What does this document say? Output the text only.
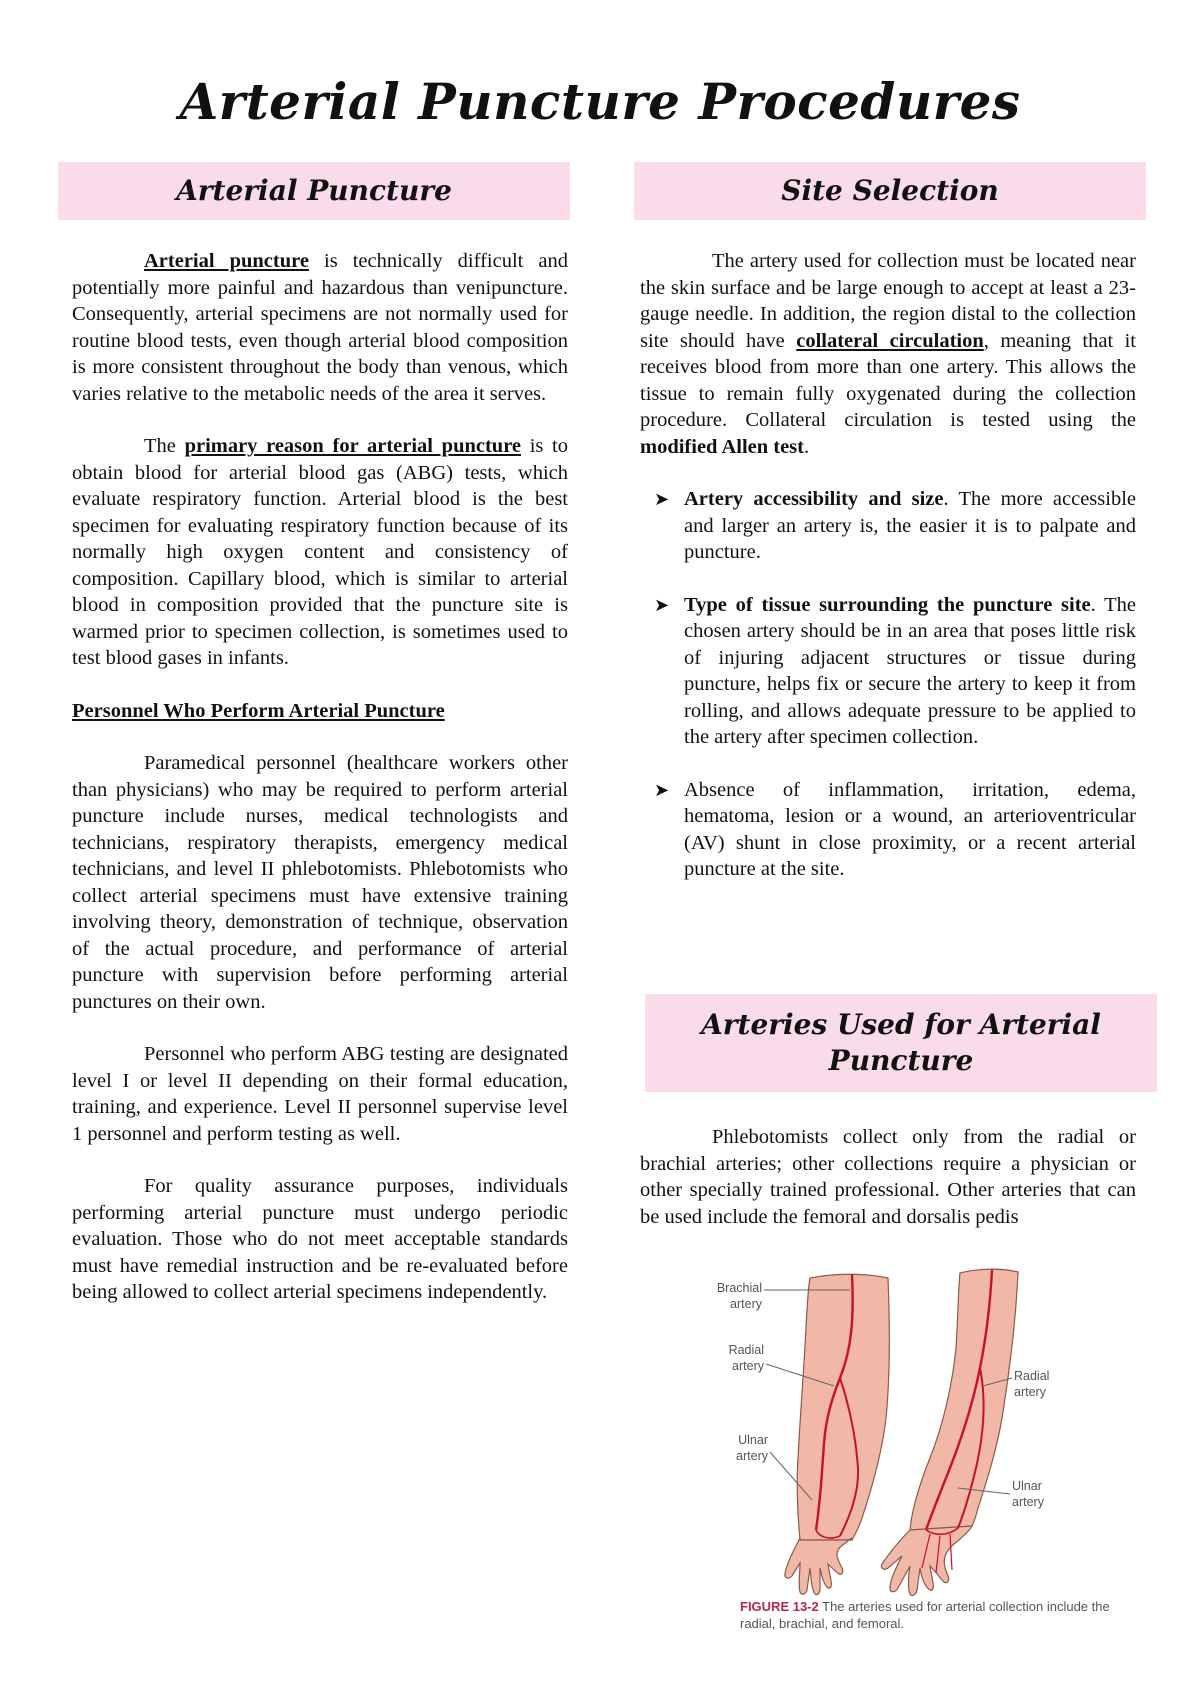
Arterial Puncture Procedures
Arterial Puncture

Arterial puncture is technically difficult and potentially more painful and hazardous than venipuncture. Consequently, arterial specimens are not normally used for routine blood tests, even though arterial blood composition is more consistent throughout the body than venous, which varies relative to the metabolic needs of the area it serves.

The primary reason for arterial puncture is to obtain blood for arterial blood gas (ABG) tests, which evaluate respiratory function. Arterial blood is the best specimen for evaluating respiratory function because of its normally high oxygen content and consistency of composition. Capillary blood, which is similar to arterial blood in composition provided that the puncture site is warmed prior to specimen collection, is sometimes used to test blood gases in infants.

Personnel Who Perform Arterial Puncture

Paramedical personnel (healthcare workers other than physicians) who may be required to perform arterial puncture include nurses, medical technologists and technicians, respiratory therapists, emergency medical technicians, and level II phlebotomists. Phlebotomists who collect arterial specimens must have extensive training involving theory, demonstration of technique, observation of the actual procedure, and performance of arterial puncture with supervision before performing arterial punctures on their own.

Personnel who perform ABG testing are designated level I or level II depending on their formal education, training, and experience. Level II personnel supervise level 1 personnel and perform testing as well.

For quality assurance purposes, individuals performing arterial puncture must undergo periodic evaluation. Those who do not meet acceptable standards must have remedial instruction and be re-evaluated before being allowed to collect arterial specimens independently.

Site Selection

The artery used for collection must be located near the skin surface and be large enough to accept at least a 23-gauge needle. In addition, the region distal to the collection site should have collateral circulation, meaning that it receives blood from more than one artery. This allows the tissue to remain fully oxygenated during the collection procedure. Collateral circulation is tested using the modified Allen test.

➤ Artery accessibility and size. The more accessible and larger an artery is, the easier it is to palpate and puncture.
➤ Type of tissue surrounding the puncture site. The chosen artery should be in an area that poses little risk of injuring adjacent structures or tissue during puncture, helps fix or secure the artery to keep it from rolling, and allows adequate pressure to be applied to the artery after specimen collection.
➤ Absence of inflammation, irritation, edema, hematoma, lesion or a wound, an arterioventricular (AV) shunt in close proximity, or a recent arterial puncture at the site.
Arteries Used for Arterial Puncture

Phlebotomists collect only from the radial or brachial arteries; other collections require a physician or other specially trained professional. Other arteries that can be used include the femoral and dorsalis pedis

Brachial
artery
Radial
artery
Ulnar
artery
Radial
artery
Ulnar
artery
FIGURE 13-2 The arteries used for arterial collection include the radial, brachial, and femoral.
